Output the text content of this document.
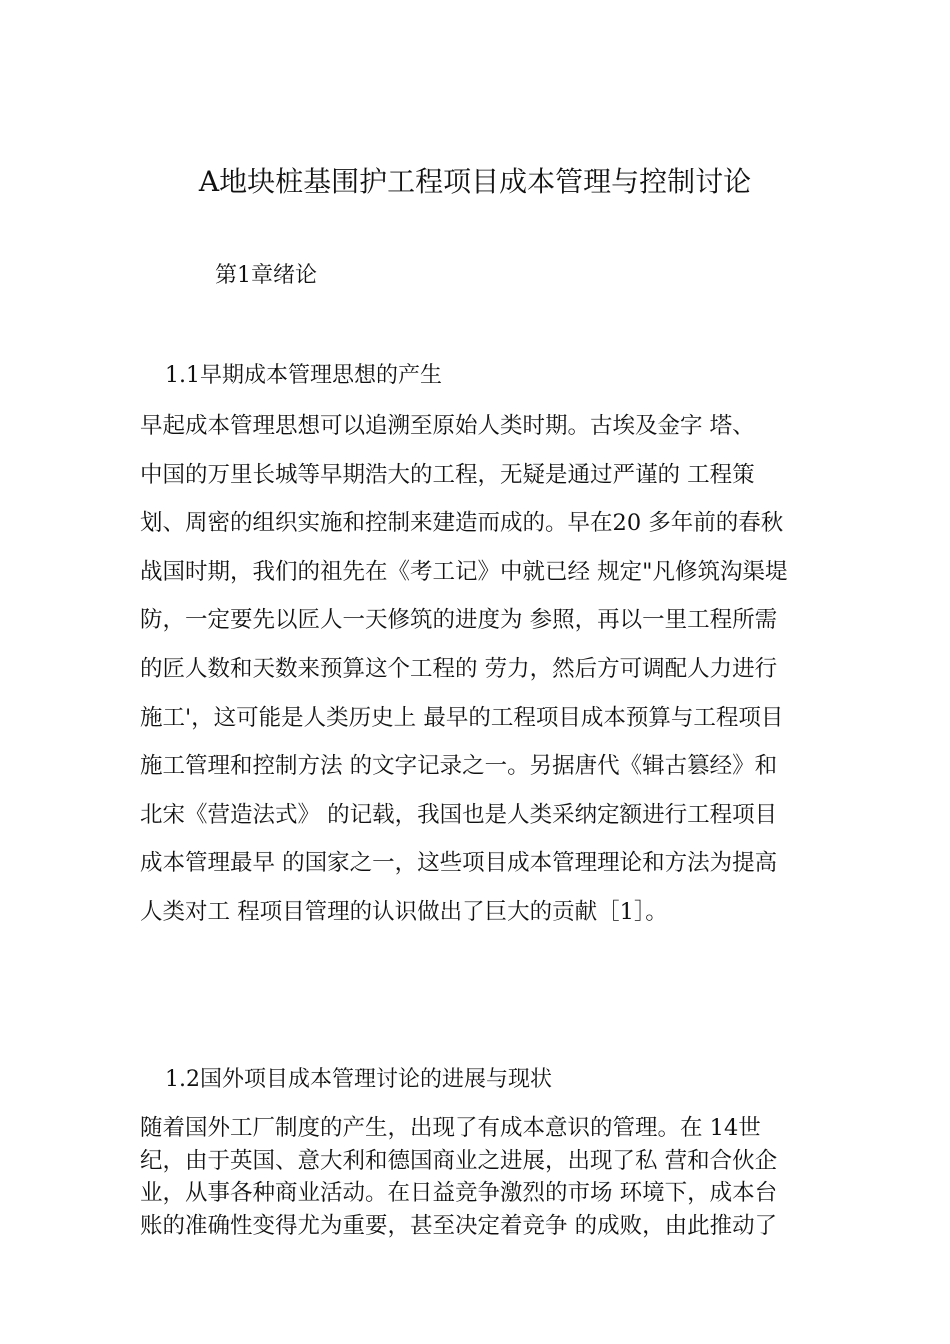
A地块桩基围护工程项目成本管理与控制讨论
第1章绪论
1.1早期成本管理思想的产生
早起成本管理思想可以追溯至原始人类时期。古埃及金字 塔、
中国的万里长城等早期浩大的工程，无疑是通过严谨的 工程策
划、周密的组织实施和控制来建造而成的。早在20 多年前的春秋
战国时期，我们的祖先在《考工记》中就已经 规定"凡修筑沟渠堤
防，一定要先以匠人一天修筑的进度为 参照，再以一里工程所需
的匠人数和天数来预算这个工程的 劳力，然后方可调配人力进行
施工'，这可能是人类历史上 最早的工程项目成本预算与工程项目
施工管理和控制方法 的文字记录之一。另据唐代《辑古篡经》和
北宋《营造法式》 的记载，我国也是人类采纳定额进行工程项目
成本管理最早 的国家之一，这些项目成本管理理论和方法为提高
人类对工 程项目管理的认识做出了巨大的贡献［1］。
1.2国外项目成本管理讨论的进展与现状
随着国外工厂制度的产生，出现了有成本意识的管理。在 14世
纪，由于英国、意大利和德国商业之进展，出现了私 营和合伙企
业，从事各种商业活动。在日益竞争激烈的市场 环境下，成本台
账的准确性变得尤为重要，甚至决定着竞争 的成败，由此推动了
